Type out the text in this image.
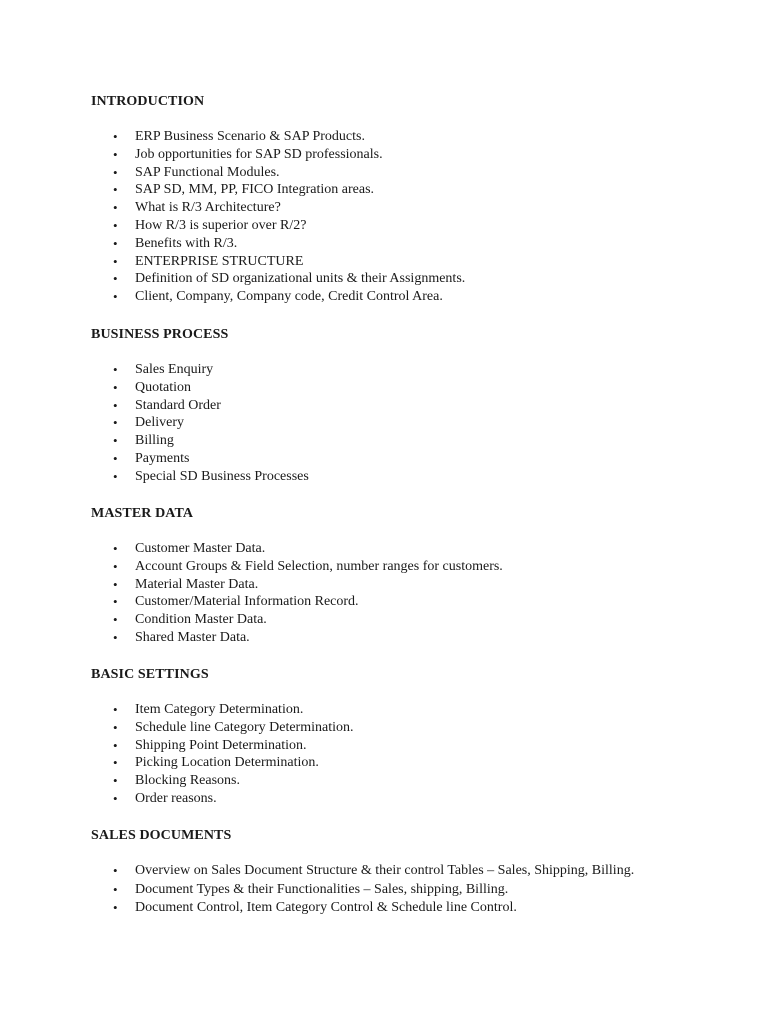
INTRODUCTION
• ERP Business Scenario & SAP Products.
• Job opportunities for SAP SD professionals.
• SAP Functional Modules.
• SAP SD, MM, PP, FICO Integration areas.
• What is R/3 Architecture?
• How R/3 is superior over R/2?
• Benefits with R/3.
• ENTERPRISE STRUCTURE
• Definition of SD organizational units & their Assignments.
• Client, Company, Company code, Credit Control Area.
BUSINESS PROCESS
• Sales Enquiry
• Quotation
• Standard Order
• Delivery
• Billing
• Payments
• Special SD Business Processes
MASTER DATA
• Customer Master Data.
• Account Groups & Field Selection, number ranges for customers.
• Material Master Data.
• Customer/Material Information Record.
• Condition Master Data.
• Shared Master Data.
BASIC SETTINGS
• Item Category Determination.
• Schedule line Category Determination.
• Shipping Point Determination.
• Picking Location Determination.
• Blocking Reasons.
• Order reasons.
SALES DOCUMENTS
• Overview on Sales Document Structure & their control Tables – Sales, Shipping, Billing.
• Document Types & their Functionalities – Sales, shipping, Billing.
• Document Control, Item Category Control & Schedule line Control.
